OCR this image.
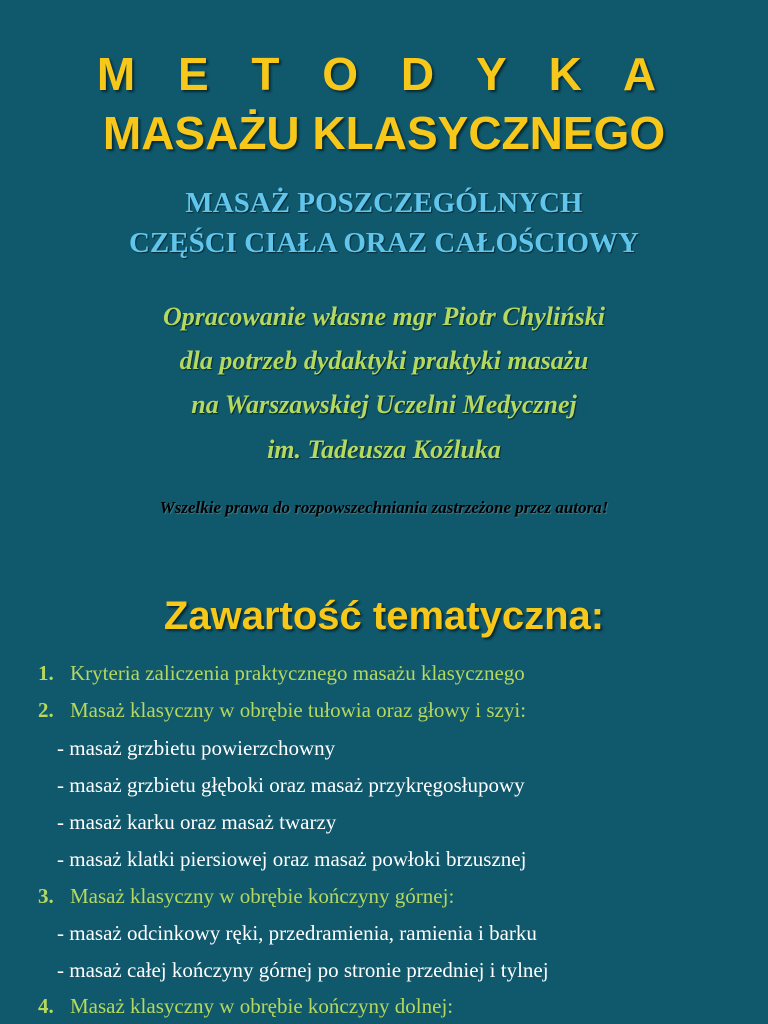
M E T O D Y K A
MASAŻU KLASYCZNEGO
MASAŻ POSZCZEGÓLNYCH
CZĘŚCI CIAŁA ORAZ CAŁOŚCIOWY
Opracowanie własne mgr Piotr Chyliński
dla potrzeb dydaktyki praktyki masażu
na Warszawskiej Uczelni Medycznej
im. Tadeusza Koźluka
Wszelkie prawa do rozpowszechniania zastrzeżone przez autora!
Zawartość tematyczna:
1. Kryteria zaliczenia praktycznego masażu klasycznego
2. Masaż klasyczny w obrębie tułowia oraz głowy i szyi:
- masaż grzbietu powierzchowny
- masaż grzbietu głęboki oraz masaż przykręgosłupowy
- masaż karku oraz masaż twarzy
- masaż klatki piersiowej oraz masaż powłoki brzusznej
3. Masaż klasyczny w obrębie kończyny górnej:
- masaż odcinkowy ręki, przedramienia, ramienia i barku
- masaż całej kończyny górnej po stronie przedniej i tylnej
4. Masaż klasyczny w obrębie kończyny dolnej:
